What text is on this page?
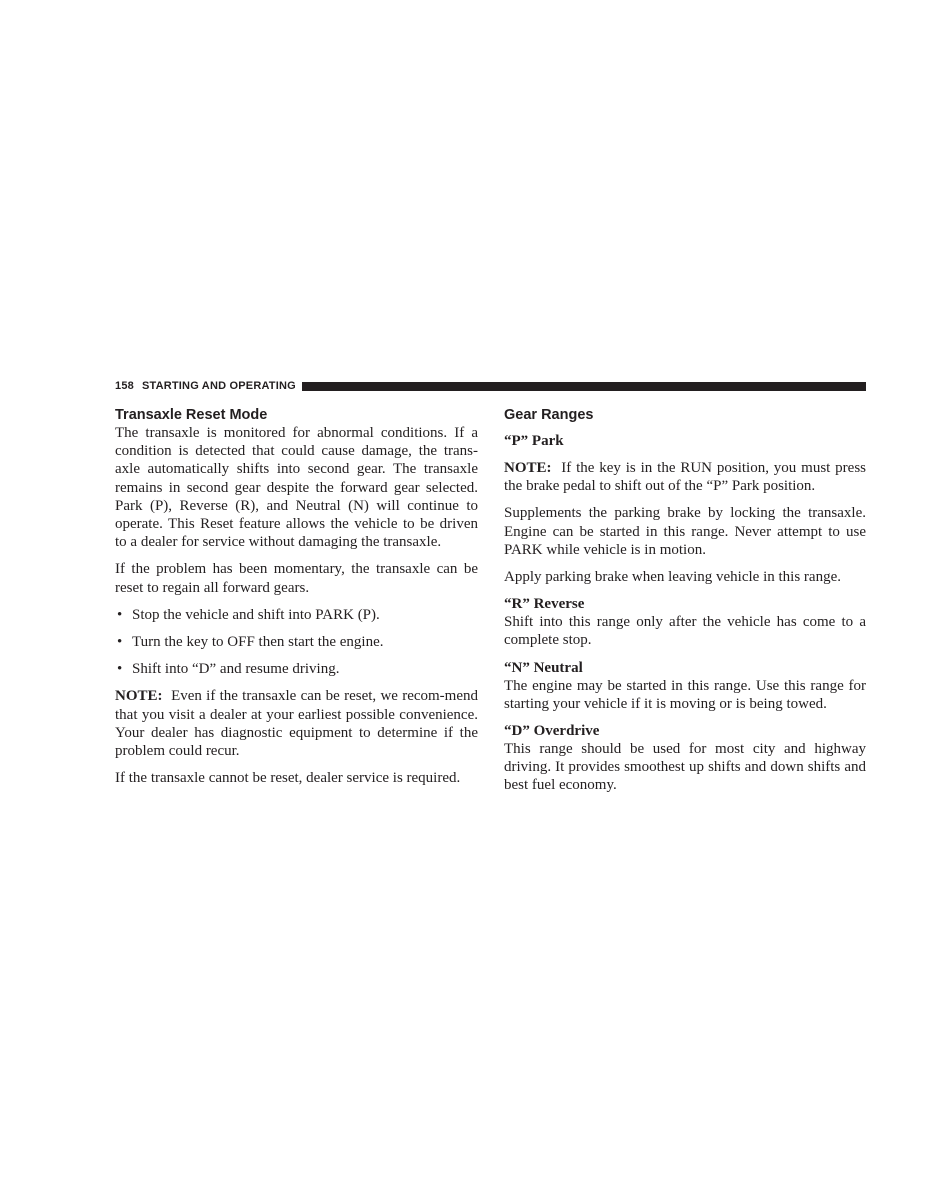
158 STARTING AND OPERATING
Transaxle Reset Mode

The transaxle is monitored for abnormal conditions. If a condition is detected that could cause damage, the trans-axle automatically shifts into second gear. The transaxle remains in second gear despite the forward gear selected. Park (P), Reverse (R), and Neutral (N) will continue to operate. This Reset feature allows the vehicle to be driven to a dealer for service without damaging the transaxle.

If the problem has been momentary, the transaxle can be reset to regain all forward gears.

• Stop the vehicle and shift into PARK (P).
• Turn the key to OFF then start the engine.
• Shift into “D” and resume driving.

NOTE: Even if the transaxle can be reset, we recom-mend that you visit a dealer at your earliest possible convenience. Your dealer has diagnostic equipment to determine if the problem could recur.

If the transaxle cannot be reset, dealer service is required.

Gear Ranges
“P” Park

NOTE: If the key is in the RUN position, you must press the brake pedal to shift out of the “P” Park position.

Supplements the parking brake by locking the transaxle. Engine can be started in this range. Never attempt to use PARK while vehicle is in motion.

Apply parking brake when leaving vehicle in this range.

“R” Reverse

Shift into this range only after the vehicle has come to a complete stop.

“N” Neutral

The engine may be started in this range. Use this range for starting your vehicle if it is moving or is being towed.

“D” Overdrive

This range should be used for most city and highway driving. It provides smoothest up shifts and down shifts and best fuel economy.
